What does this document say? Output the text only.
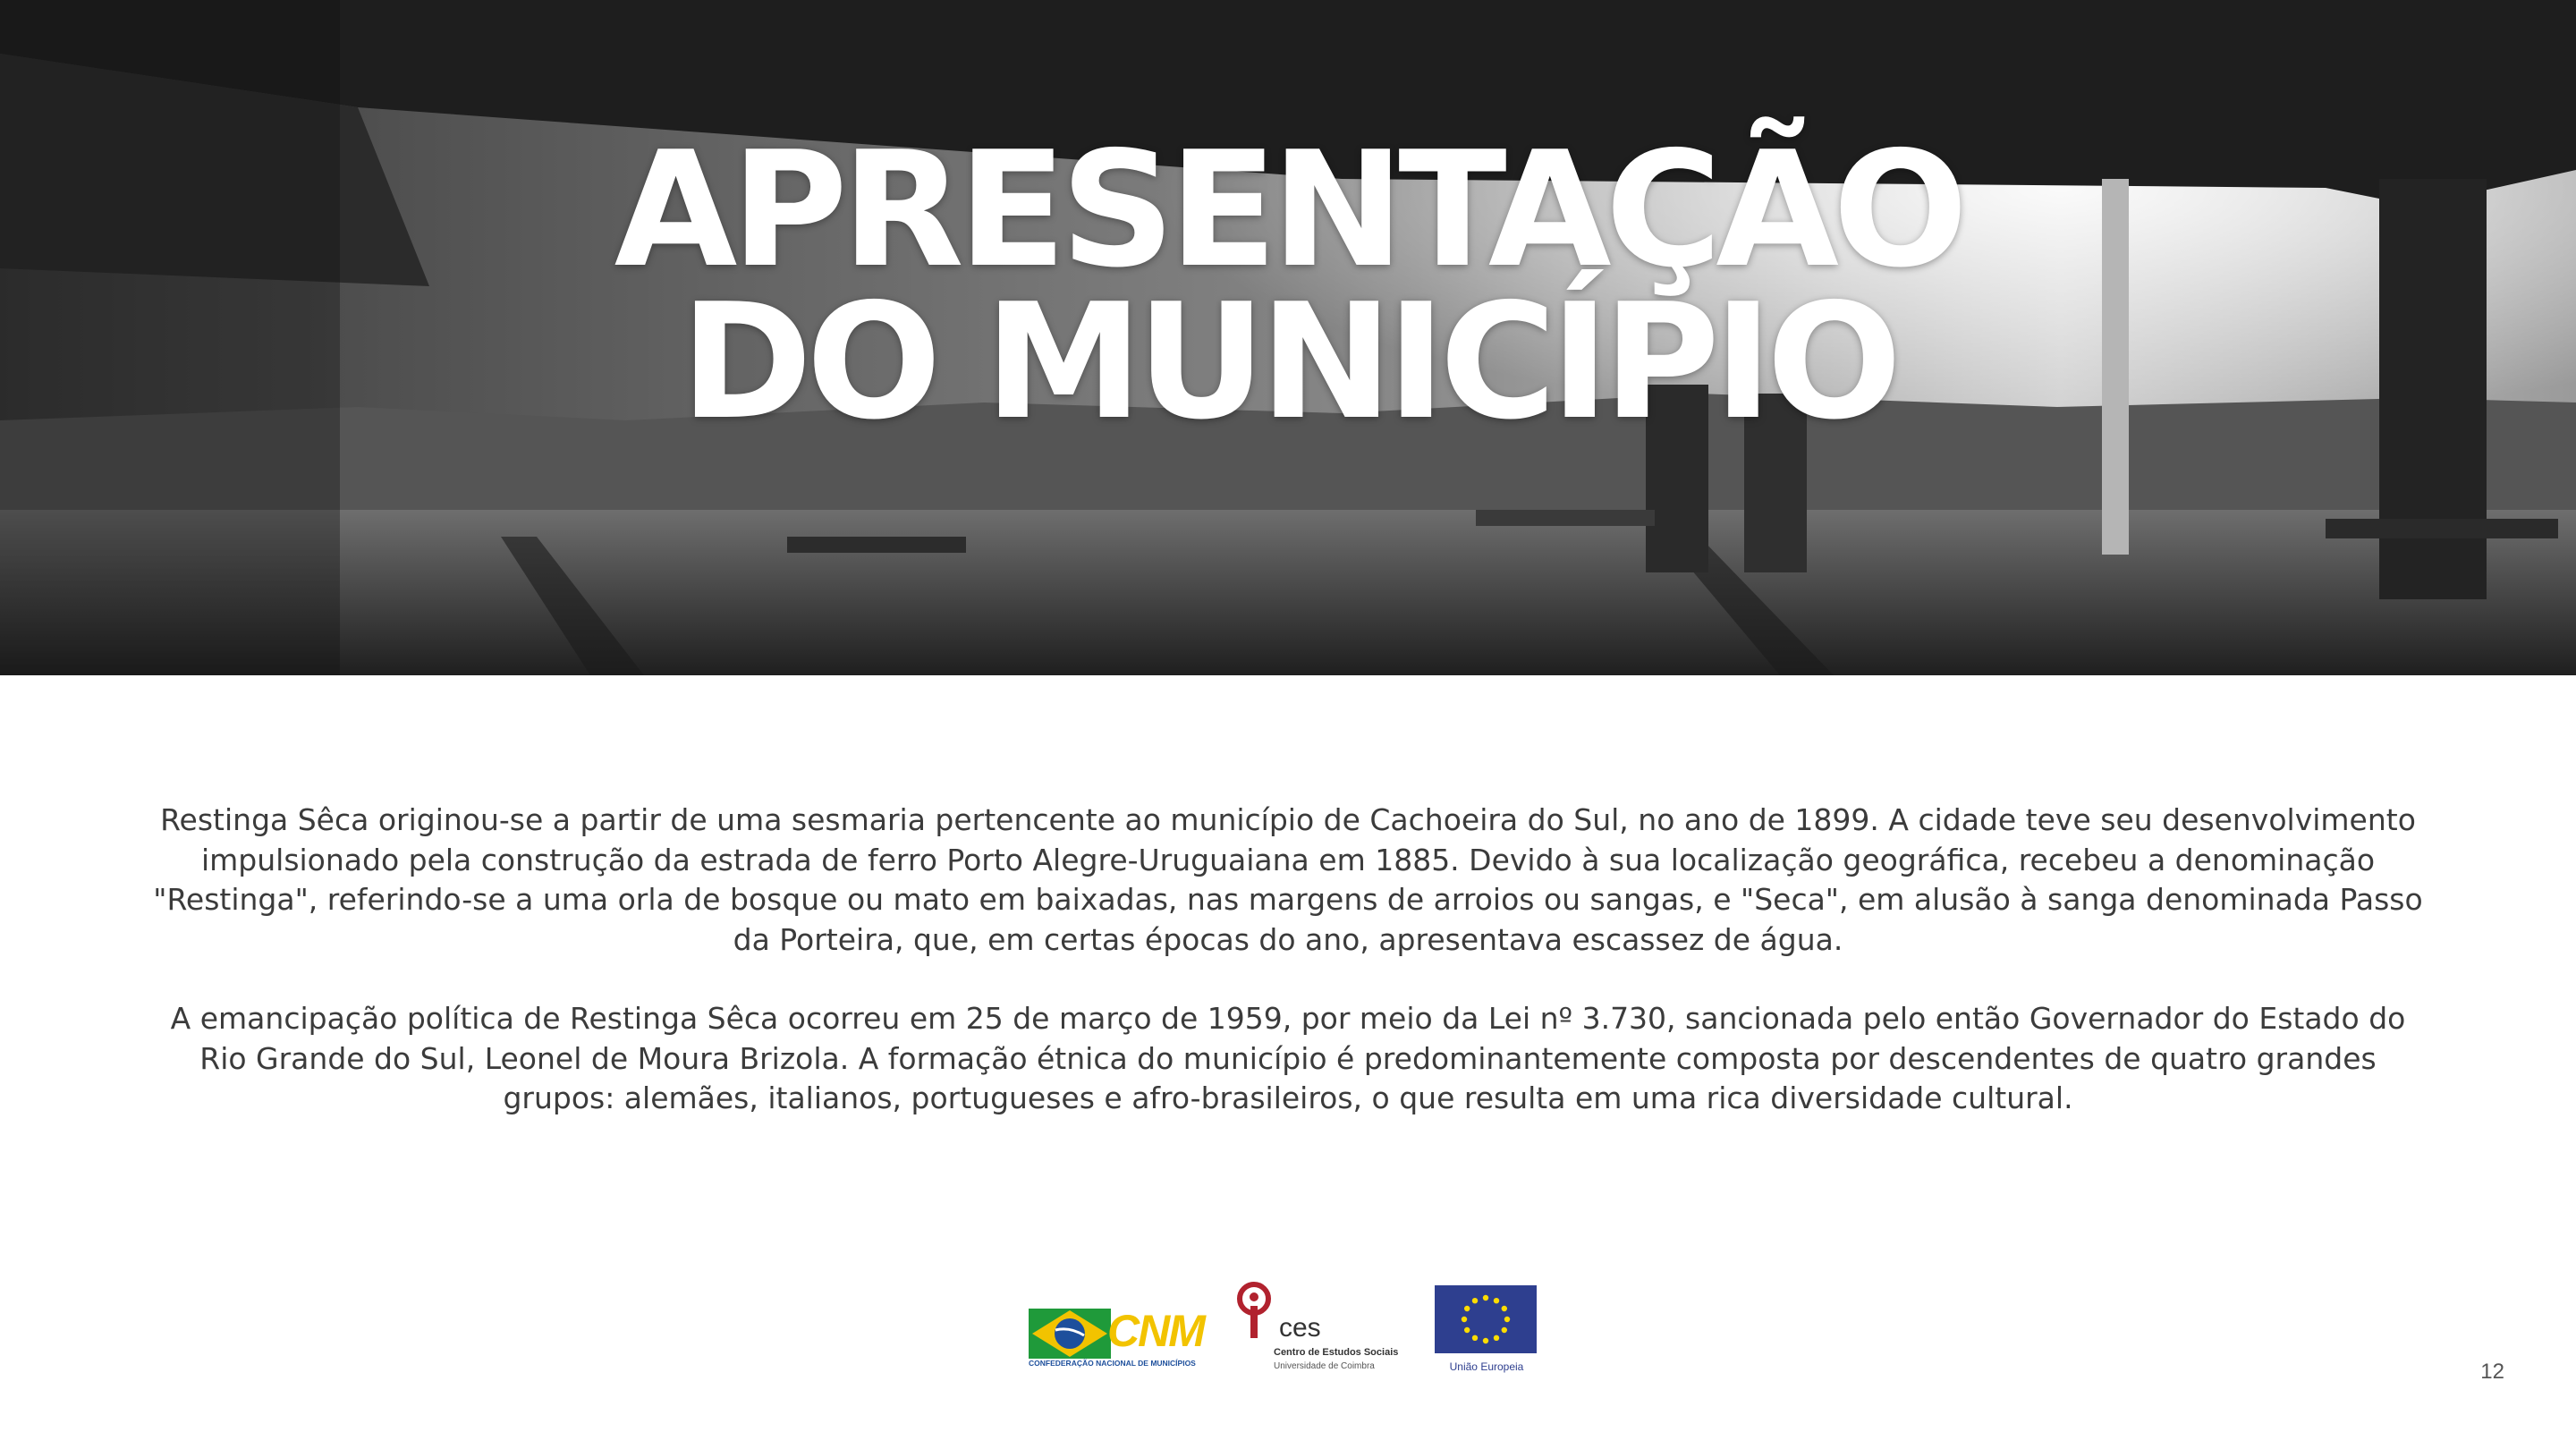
APRESENTAÇÃO
DO MUNICÍPIO

Restinga Sêca originou-se a partir de uma sesmaria pertencente ao município de Cachoeira do Sul, no ano de 1899. A cidade teve seu desenvolvimento impulsionado pela construção da estrada de ferro Porto Alegre-Uruguaiana em 1885. Devido à sua localização geográfica, recebeu a denominação "Restinga", referindo-se a uma orla de bosque ou mato em baixadas, nas margens de arroios ou sangas, e "Seca", em alusão à sanga denominada Passo da Porteira, que, em certas épocas do ano, apresentava escassez de água.

A emancipação política de Restinga Sêca ocorreu em 25 de março de 1959, por meio da Lei nº 3.730, sancionada pelo então Governador do Estado do Rio Grande do Sul, Leonel de Moura Brizola. A formação étnica do município é predominantemente composta por descendentes de quatro grandes grupos: alemães, italianos, portugueses e afro-brasileiros, o que resulta em uma rica diversidade cultural.

CNM
CONFEDERAÇÃO NACIONAL DE MUNICÍPIOS
ces
Centro de Estudos Sociais
Universidade de Coimbra	União Europeia	12
